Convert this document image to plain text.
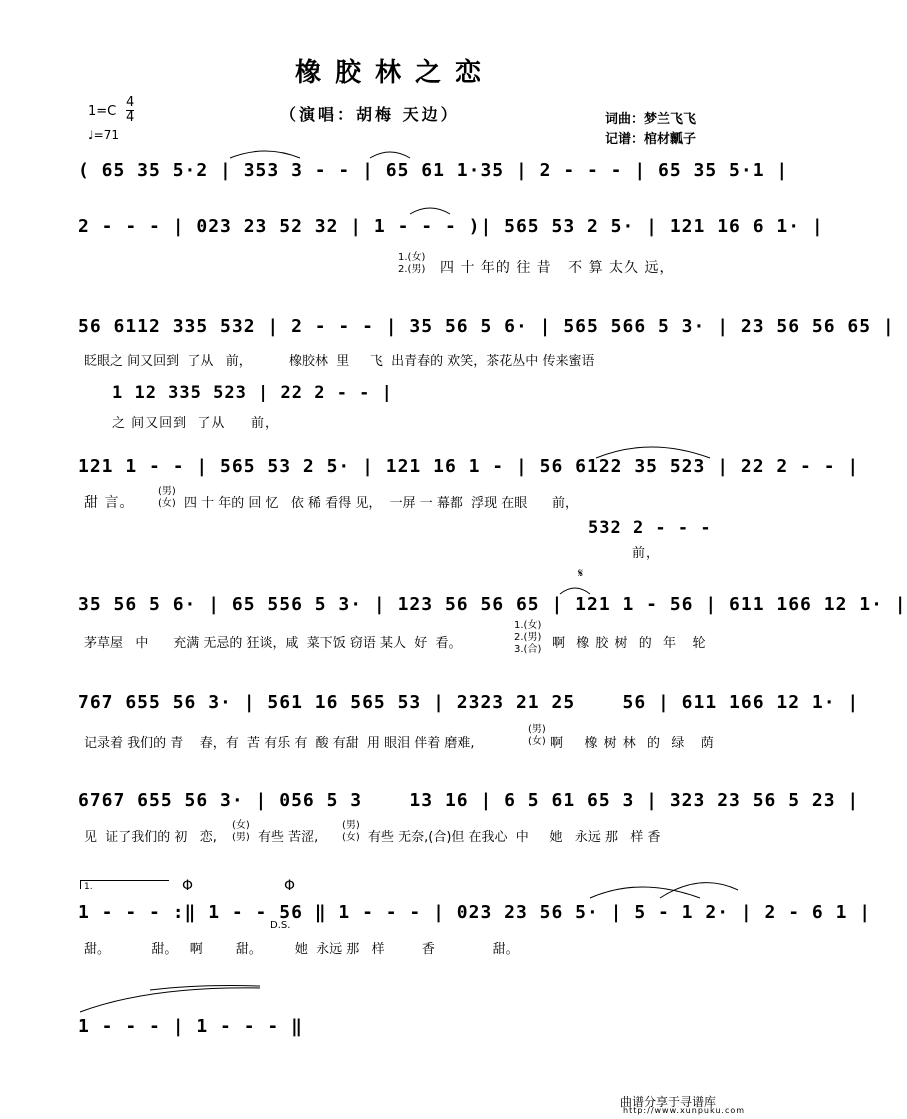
橡胶林之恋
（演唱：胡梅 天边）
1=C
4
4
♩=71
词曲：梦兰飞飞
记谱：棺材瓤子
( 65 35 5·2 | 353 3 - - | 65 61 1·35 | 2 - - - | 65 35 5·1 |
2 - - - | 023 23 52 32 | 1 - - - )| 565 53 2 5· | 121 16 6 1· |
1.(女)
2.(男) 四 十 年的 往 昔   不 算 太久 远，
56 6112 335 532 | 2 - - - | 35 56 5 6· | 565 566 5 3· | 23 56 56 65 |
眨眼之 间又回到  了从   前，         橡胶林  里     飞  出青春的 欢笑，茶花丛中 传来蜜语
1 12 335 523 | 22 2 - - |
之 间又回到  了从     前，
121 1 - - | 565 53 2 5· | 121 16 1 - | 56 6122 35 523 | 22 2 - - |
甜 言。
(男)
(女) 四 十 年的 回 忆   依 稀 看得 见，  一屏 一 幕都  浮现 在眼      前，
532 2 - - -
前，
𝄋
35 56 5 6· | 65 556 5 3· | 123 56 56 65 | 121 1 - 56 | 611 166 12 1· |
茅草屋   中      充满 无忌的 狂谈，咸  菜下饭 窃语 某人  好  看。
1.(女)
2.(男)
3.(合) 啊  橡 胶 树  的  年   轮
767 655 56 3· | 561 16 565 53 | 2323 21 25    56 | 611 166 12 1· |
记录着 我们的 青    春，有  苦 有乐 有  酸 有甜  用 眼泪 伴着 磨难,
(男)
(女) 啊    橡 树 林  的  绿   荫
6767 655 56 3· | 056 5 3    13 16 | 6 5 61 65 3 | 323 23 56 5 23 |
见  证了我们的 初   恋,
(女)
(男) 有些 苦涩,
(男)
(女) 有些 无奈,(合)但 在我心  中     她   永远 那   样 香
1.	Φ	Φ
1 - - - :‖ 1 - - 56 ‖ 1 - - - | 023 23 56 5· | 5 - 1 2· | 2 - 6 1 |
D.S.
甜。          甜。   啊        甜。        她  永远 那   样         香              甜。
1 - - - | 1 - - - ‖
曲谱分享于寻谱库
http://www.xunpuku.com
